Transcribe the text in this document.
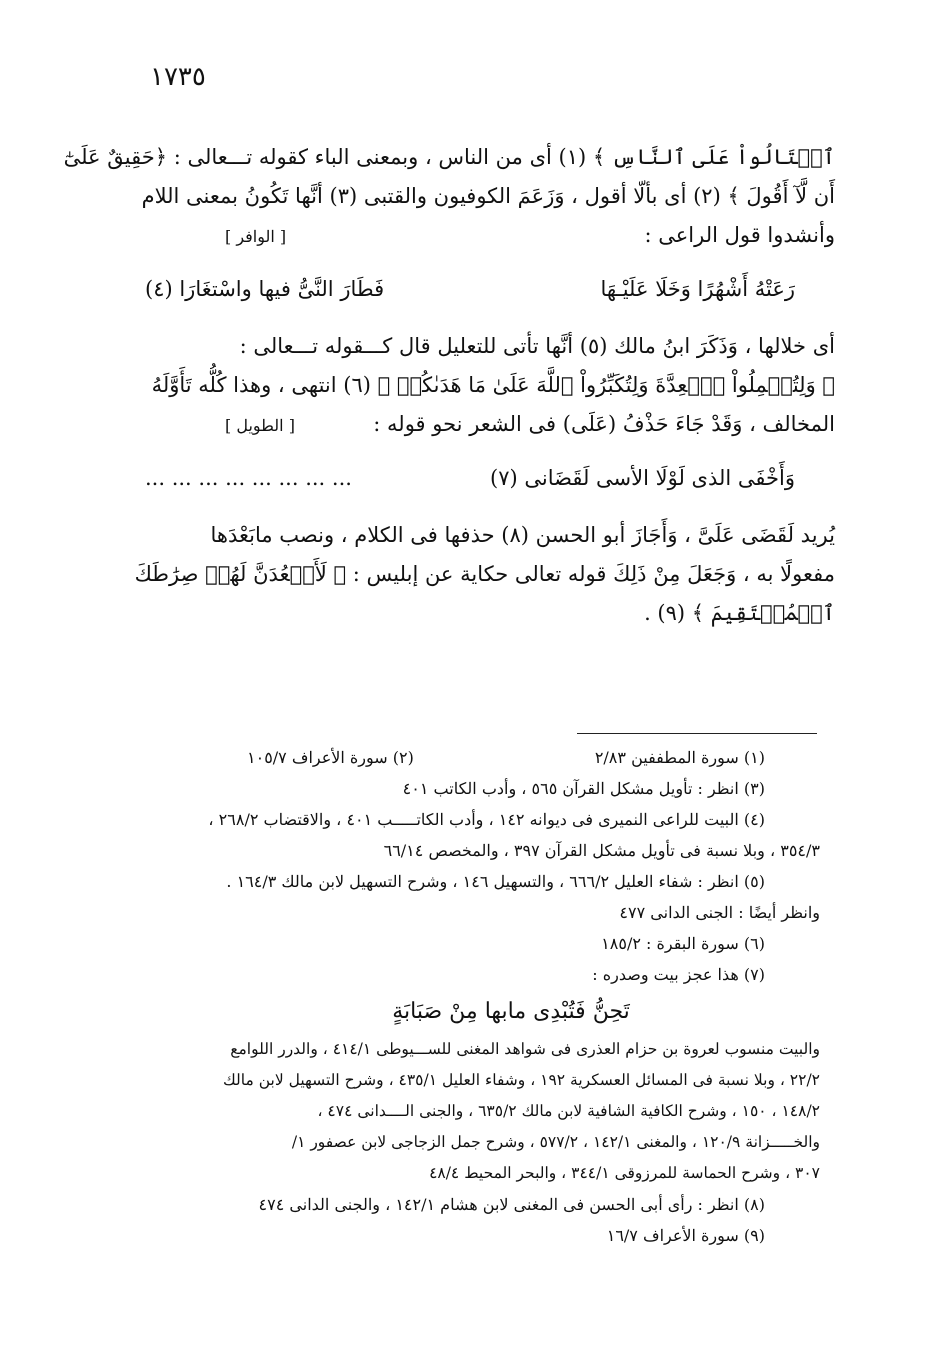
١٧٣٥
ٱكۡتَالُواْ عَلَى ٱلنَّاسِ ﴾ (١) أى من الناس ، وبمعنى الباء كقوله تـــعالى : ﴿حَقِيقٌ عَلَىٰٓ
أَن لَّآ أَقُولَ ﴾ (٢) أى بألّا أقول ، وَزَعَمَ الكوفيون والقتبى (٣) أنَّها تَكُونُ بمعنى اللام
وأنشدوا قول الراعى :
[ الوافر ]
رَعَتْهُ أَشْهُرًا وَخَلَا عَلَيْـهَا
فَطَارَ النَّىُّ فيها واسْتغَارَا (٤)
أى خلالها ، وَذَكَرَ ابنُ مالك (٥) أنَّها تأتى للتعليل قال كـــقوله تـــعالى :
﴿ وَلِتُكۡمِلُواْ ٱلۡعِدَّةَ وَلِتُكَبِّرُواْ ٱللَّهَ عَلَىٰ مَا هَدَىٰكُمۡ ﴾ (٦) انتهى ، وهذا كُلُّه تَأَوَّلَهُ
المخالف ، وَقَدْ جَاءَ حَذْفُ (عَلَى) فى الشعر نحو قوله :
[ الطويل ]
وَأَخْفَى الذى لَوْلَا الأسى لَقَضَانى (٧)
... ... ... ... ... ... ... ...
يُريد لَقَضَى عَلَىَّ ، وَأَجَازَ أبو الحسن (٨) حذفها فى الكلام ، ونصب مابَعْدَها
مفعولًا به ، وَجَعَلَ مِنْ ذَلِكَ قوله تعالى حكاية عن إبليس : ﴿ لَأَقۡعُدَنَّ لَهُمۡ صِرَٰطَكَ
ٱلۡمُسۡتَقِيمَ ﴾ (٩) .
(١) سورة المطففين ٢/٨٣
(٢) سورة الأعراف ١٠٥/٧
(٣) انظر : تأويل مشكل القرآن ٥٦٥ ، وأدب الكاتب ٤٠١
(٤) البيت للراعى النميرى فى ديوانه ١٤٢ ، وأدب الكاتـــــب ٤٠١ ، والاقتضاب ٢٦٨/٢ ،
٣٥٤/٣ ، وبلا نسبة فى تأويل مشكل القرآن ٣٩٧ ، والمخصص ٦٦/١٤
(٥) انظر : شفاء العليل ٦٦٦/٢ ، والتسهيل ١٤٦ ، وشرح التسهيل لابن مالك ١٦٤/٣ .
وانظر أيضًا : الجنى الدانى ٤٧٧
(٦) سورة البقرة : ١٨٥/٢
(٧) هذا عجز بيت وصدره :
تَحِنُّ فَتُبْدِى مابها مِنْ صَبَابَةٍ
والبيت منسوب لعروة بن حزام العذرى فى شواهد المغنى للســـيوطى ٤١٤/١ ، والدرر اللوامع
٢٢/٢ ، وبلا نسبة فى المسائل العسكرية ١٩٢ ، وشفاء العليل ٤٣٥/١ ، وشرح التسهيل لابن مالك
١٤٨/٢ ، ١٥٠ ، وشرح الكافية الشافية لابن مالك ٦٣٥/٢ ، والجنى الــــدانى ٤٧٤ ،
والخـــــزانة ١٢٠/٩ ، والمغنى ١٤٢/١ ، ٥٧٧/٢ ، وشرح جمل الزجاجى لابن عصفور ١/
٣٠٧ ، وشرح الحماسة للمرزوقى ٣٤٤/١ ، والبحر المحيط ٤٨/٤
(٨) انظر : رأى أبى الحسن فى المغنى لابن هشام ١٤٢/١ ، والجنى الدانى ٤٧٤
(٩) سورة الأعراف ١٦/٧
